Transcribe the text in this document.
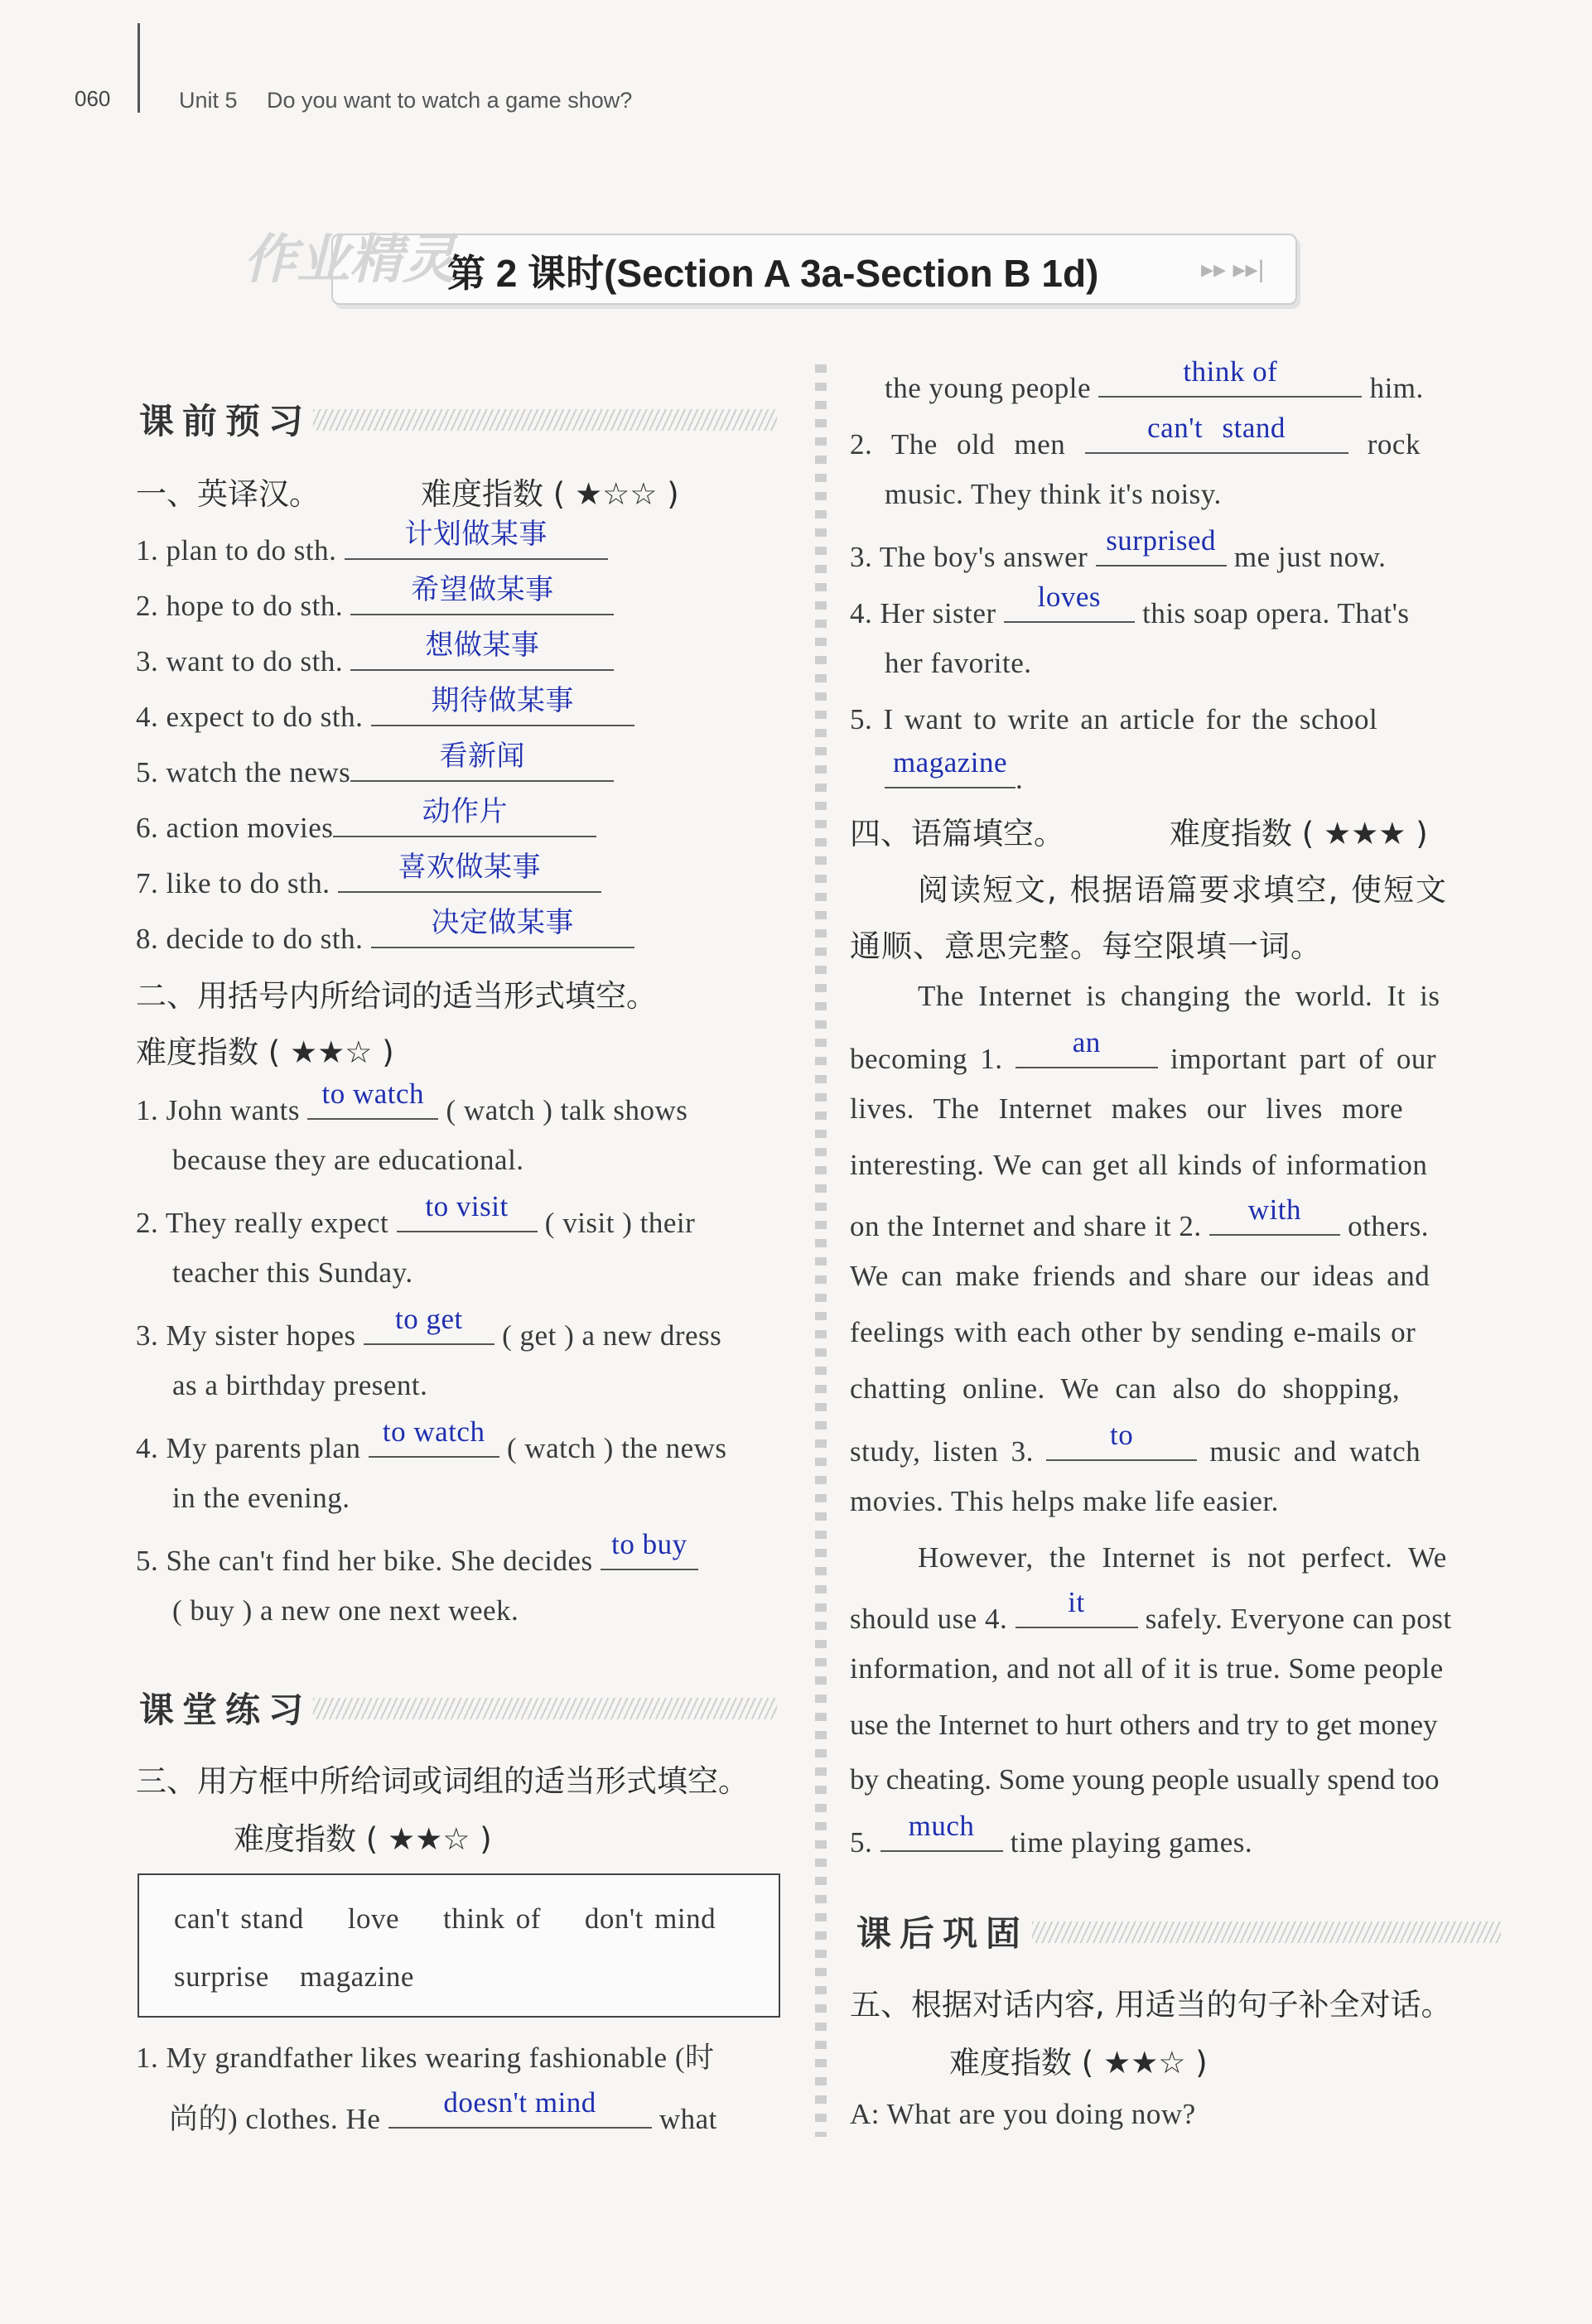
060	Unit 5 Do you want to watch a game show?
第 2 课时(Section A 3a-Section B 1d)	▸▸ ▸▸|
作业精灵
课前预习
一、英译汉。	难度指数 ( ★☆☆ )
1. plan to do sth.	计划做某事
2. hope to do sth.	希望做某事
3. want to do sth.	想做某事
4. expect to do sth.	期待做某事
5. watch the news	看新闻
6. action movies	动作片
7. like to do sth.	喜欢做某事
8. decide to do sth.	决定做某事
二、用括号内所给词的适当形式填空。
难度指数 ( ★★☆ )
1. John wants
to watch
( watch ) talk shows
because they are educational.
2. They really expect
to visit
( visit ) their
teacher this Sunday.
3. My sister hopes
to get
( get ) a new dress
as a birthday present.
4. My parents plan
to watch
( watch ) the news
in the evening.
5. She can't find her bike. She decides
to buy
( buy ) a new one next week.
课堂练习
三、用方框中所给词或词组的适当形式填空。
难度指数 ( ★★☆ )
can't stand love think of don't mind
surprise magazine
1. My grandfather likes wearing fashionable (时
尚的) clothes. He
doesn't mind
what
the young people
think of
him.
2. The old men
can't stand
rock
music. They think it's noisy.
3. The boy's answer
surprised
me just now.
4. Her sister
loves
this soap opera. That's
her favorite.
5. I want to write an article for the school
magazine
.
四、语篇填空。	难度指数 ( ★★★ )
阅读短文, 根据语篇要求填空, 使短文
通顺、意思完整。每空限填一词。
The Internet is changing the world. It is
becoming 1.
an
important part of our
lives. The Internet makes our lives more
interesting. We can get all kinds of information
on the Internet and share it 2.
with
others.
We can make friends and share our ideas and
feelings with each other by sending e-mails or
chatting online. We can also do shopping,
study, listen 3.
to
music and watch
movies. This helps make life easier.
However, the Internet is not perfect. We
should use 4.
it
safely. Everyone can post
information, and not all of it is true. Some people
use the Internet to hurt others and try to get money
by cheating. Some young people usually spend too
5.
much
time playing games.
课后巩固
五、根据对话内容, 用适当的句子补全对话。
难度指数 ( ★★☆ )
A: What are you doing now?
